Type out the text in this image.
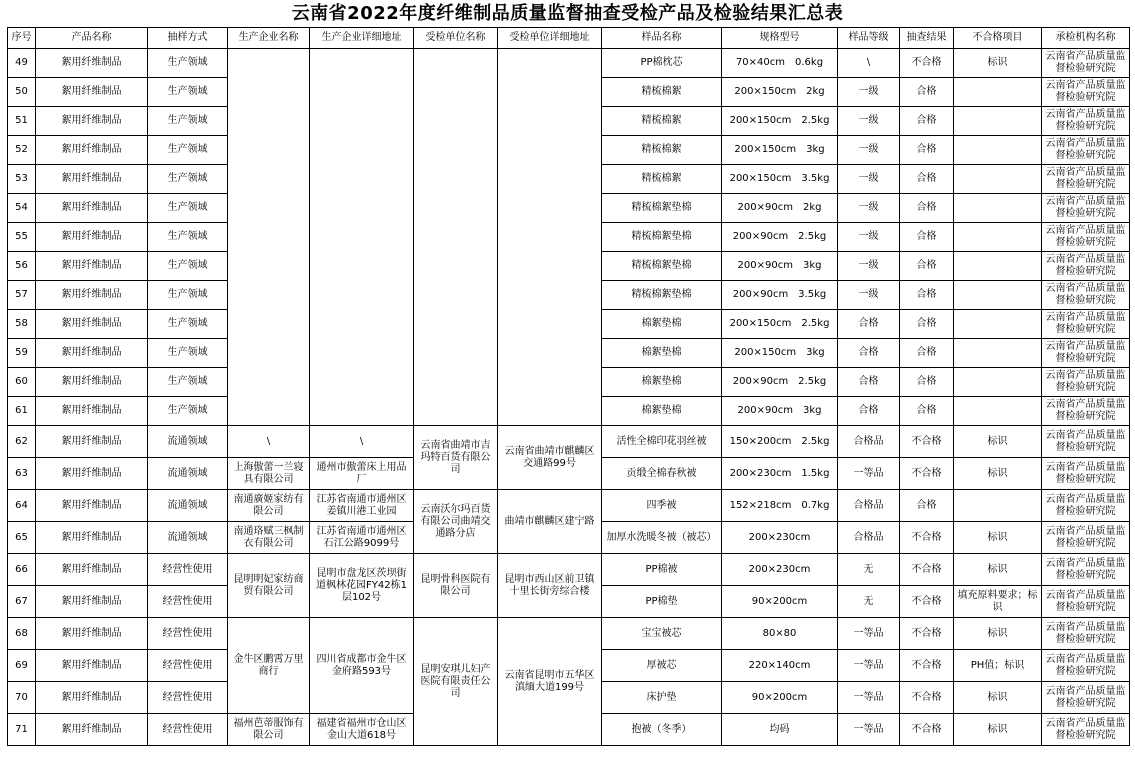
云南省2022年度纤维制品质量监督抽查受检产品及检验结果汇总表
序号	产品名称	抽样方式	生产企业名称	生产企业详细地址	受检单位名称	受检单位详细地址	样品名称	规格型号	样品等级	抽查结果	不合格项目	承检机构名称
49	絮用纤维制品	生产领域					PP棉枕芯	70×40cm　0.6kg	\	不合格	标识	云南省产品质量监督检验研究院
50	絮用纤维制品	生产领域					精梳棉絮	200×150cm　2kg	一级	合格		云南省产品质量监督检验研究院
51	絮用纤维制品	生产领域					精梳棉絮	200×150cm　2.5kg	一级	合格		云南省产品质量监督检验研究院
52	絮用纤维制品	生产领域					精梳棉絮	200×150cm　3kg	一级	合格		云南省产品质量监督检验研究院
53	絮用纤维制品	生产领域					精梳棉絮	200×150cm　3.5kg	一级	合格		云南省产品质量监督检验研究院
54	絮用纤维制品	生产领域					精梳棉絮垫棉	200×90cm　2kg	一级	合格		云南省产品质量监督检验研究院
55	絮用纤维制品	生产领域					精梳棉絮垫棉	200×90cm　2.5kg	一级	合格		云南省产品质量监督检验研究院
56	絮用纤维制品	生产领域					精梳棉絮垫棉	200×90cm　3kg	一级	合格		云南省产品质量监督检验研究院
57	絮用纤维制品	生产领域					精梳棉絮垫棉	200×90cm　3.5kg	一级	合格		云南省产品质量监督检验研究院
58	絮用纤维制品	生产领域					棉絮垫棉	200×150cm　2.5kg	合格	合格		云南省产品质量监督检验研究院
59	絮用纤维制品	生产领域					棉絮垫棉	200×150cm　3kg	合格	合格		云南省产品质量监督检验研究院
60	絮用纤维制品	生产领域					棉絮垫棉	200×90cm　2.5kg	合格	合格		云南省产品质量监督检验研究院
61	絮用纤维制品	生产领域					棉絮垫棉	200×90cm　3kg	合格	合格		云南省产品质量监督检验研究院
62	絮用纤维制品	流通领域	\	\	云南省曲靖市吉玛特百货有限公司	云南省曲靖市麒麟区交通路99号	活性全棉印花羽丝被	150×200cm　2.5kg	合格品	不合格	标识	云南省产品质量监督检验研究院
63	絮用纤维制品	流通领域	上海傲蕾一兰寝具有限公司	通州市傲蕾床上用品厂			贡缎全棉春秋被	200×230cm　1.5kg	一等品	不合格	标识	云南省产品质量监督检验研究院
64	絮用纤维制品	流通领域	南通廣姬家纺有限公司	江苏省南通市通州区姜镇川港工业园	云南沃尔玛百货有限公司曲靖交通路分店	曲靖市麒麟区建宁路	四季被	152×218cm　0.7kg	合格品	合格		云南省产品质量监督检验研究院
65	絮用纤维制品	流通领域	南通珞赋三枫制衣有限公司	江苏省南通市通州区石江公路9099号			加厚水洗暖冬被（被芯）	200×230cm	合格品	不合格	标识	云南省产品质量监督检验研究院
66	絮用纤维制品	经营性使用	昆明明妃家纺商贸有限公司	昆明市盘龙区茨坝街道枫林花园FY42栋1层102号	昆明骨科医院有限公司	昆明市西山区前卫镇十里长街旁综合楼	PP棉被	200×230cm	无	不合格	标识	云南省产品质量监督检验研究院
67	絮用纤维制品	经营性使用					PP棉垫	90×200cm	无	不合格	填充原料要求；标识	云南省产品质量监督检验研究院
68	絮用纤维制品	经营性使用	金牛区鹏霄万里商行	四川省成都市金牛区金府路593号	昆明安琪儿妇产医院有限责任公司	云南省昆明市五华区滇缅大道199号	宝宝被芯	80×80	一等品	不合格	标识	云南省产品质量监督检验研究院
69	絮用纤维制品	经营性使用					厚被芯	220×140cm	一等品	不合格	PH值；标识	云南省产品质量监督检验研究院
70	絮用纤维制品	经营性使用					床护垫	90×200cm	一等品	不合格	标识	云南省产品质量监督检验研究院
71	絮用纤维制品	经营性使用	福州芭蒂服饰有限公司	福建省福州市仓山区金山大道618号			抱被（冬季）	均码	一等品	不合格	标识	云南省产品质量监督检验研究院
